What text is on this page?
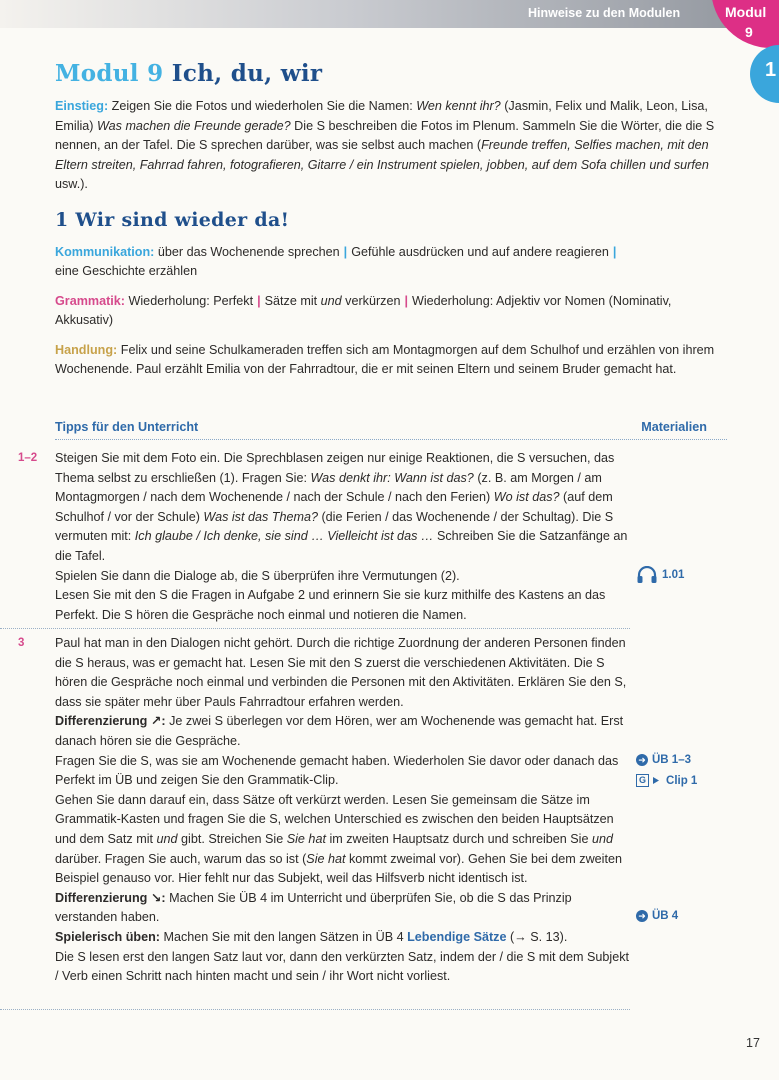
Hinweise zu den Modulen	Modul
9
1
Modul 9 Ich, du, wir

Einstieg: Zeigen Sie die Fotos und wiederholen Sie die Namen: Wen kennt ihr? (Jasmin, Felix und Malik, Leon, Lisa, Emilia) Was machen die Freunde gerade? Die S beschreiben die Fotos im Plenum. Sammeln Sie die Wörter, die die S nennen, an der Tafel. Die S sprechen darüber, was sie selbst auch machen (Freunde treffen, Selfies machen, mit den Eltern streiten, Fahrrad fahren, fotografieren, Gitarre / ein Instrument spielen, jobben, auf dem Sofa chillen und surfen usw.).

1 Wir sind wieder da!

Kommunikation: über das Wochenende sprechen | Gefühle ausdrücken und auf andere reagieren |
eine Geschichte erzählen

Grammatik: Wiederholung: Perfekt | Sätze mit und verkürzen | Wiederholung: Adjektiv vor Nomen (Nominativ, Akkusativ)

Handlung: Felix und seine Schulkameraden treffen sich am Montagmorgen auf dem Schulhof und erzählen von ihrem Wochenende. Paul erzählt Emilia von der Fahrradtour, die er mit seinen Eltern und seinem Bruder gemacht hat.

Tipps für den Unterricht	Materialien
1–2 Steigen Sie mit dem Foto ein. Die Sprechblasen zeigen nur einige Reaktionen, die S versuchen, das Thema selbst zu erschließen (1). Fragen Sie: Was denkt ihr: Wann ist das? (z. B. am Morgen / am Montagmorgen / nach dem Wochenende / nach der Schule / nach den Ferien) Wo ist das? (auf dem Schulhof / vor der Schule) Was ist das Thema? (die Ferien / das Wochenende / der Schultag). Die S vermuten mit: Ich glaube / Ich denke, sie sind … Vielleicht ist das … Schreiben Sie die Satzanfänge an die Tafel.

Spielen Sie dann die Dialoge ab, die S überprüfen ihre Vermutungen (2).

Lesen Sie mit den S die Fragen in Aufgabe 2 und erinnern Sie sie kurz mithilfe des Kastens an das Perfekt. Die S hören die Gespräche noch einmal und notieren die Namen.

1.01
3 Paul hat man in den Dialogen nicht gehört. Durch die richtige Zuordnung der anderen Personen finden die S heraus, was er gemacht hat. Lesen Sie mit den S zuerst die verschiedenen Aktivitäten. Die S hören die Gespräche noch einmal und verbinden die Personen mit den Aktivitäten. Erklären Sie den S, dass sie später mehr über Pauls Fahrradtour erfahren werden.

Differenzierung ↗: Je zwei S überlegen vor dem Hören, wer am Wochenende was gemacht hat. Erst danach hören sie die Gespräche.

Fragen Sie die S, was sie am Wochenende gemacht haben. Wiederholen Sie davor oder danach das Perfekt im ÜB und zeigen Sie den Grammatik-Clip.

Gehen Sie dann darauf ein, dass Sätze oft verkürzt werden. Lesen Sie gemeinsam die Sätze im Grammatik-Kasten und fragen Sie die S, welchen Unterschied es zwischen den beiden Hauptsätzen und dem Satz mit und gibt. Streichen Sie Sie hat im zweiten Hauptsatz durch und schreiben Sie und darüber. Fragen Sie auch, warum das so ist (Sie hat kommt zweimal vor). Gehen Sie bei dem zweiten Beispiel genauso vor. Hier fehlt nur das Subjekt, weil das Hilfsverb nicht identisch ist.

Differenzierung ↘: Machen Sie ÜB 4 im Unterricht und überprüfen Sie, ob die S das Prinzip verstanden haben.

Spielerisch üben: Machen Sie mit den langen Sätzen in ÜB 4 Lebendige Sätze (→ S. 13).

Die S lesen erst den langen Satz laut vor, dann den verkürzten Satz, indem der / die S mit dem Subjekt / Verb einen Schritt nach hinten macht und sein / ihr Wort nicht vorliest.

➜ ÜB 1–3
G Clip 1
➜ ÜB 4
17
